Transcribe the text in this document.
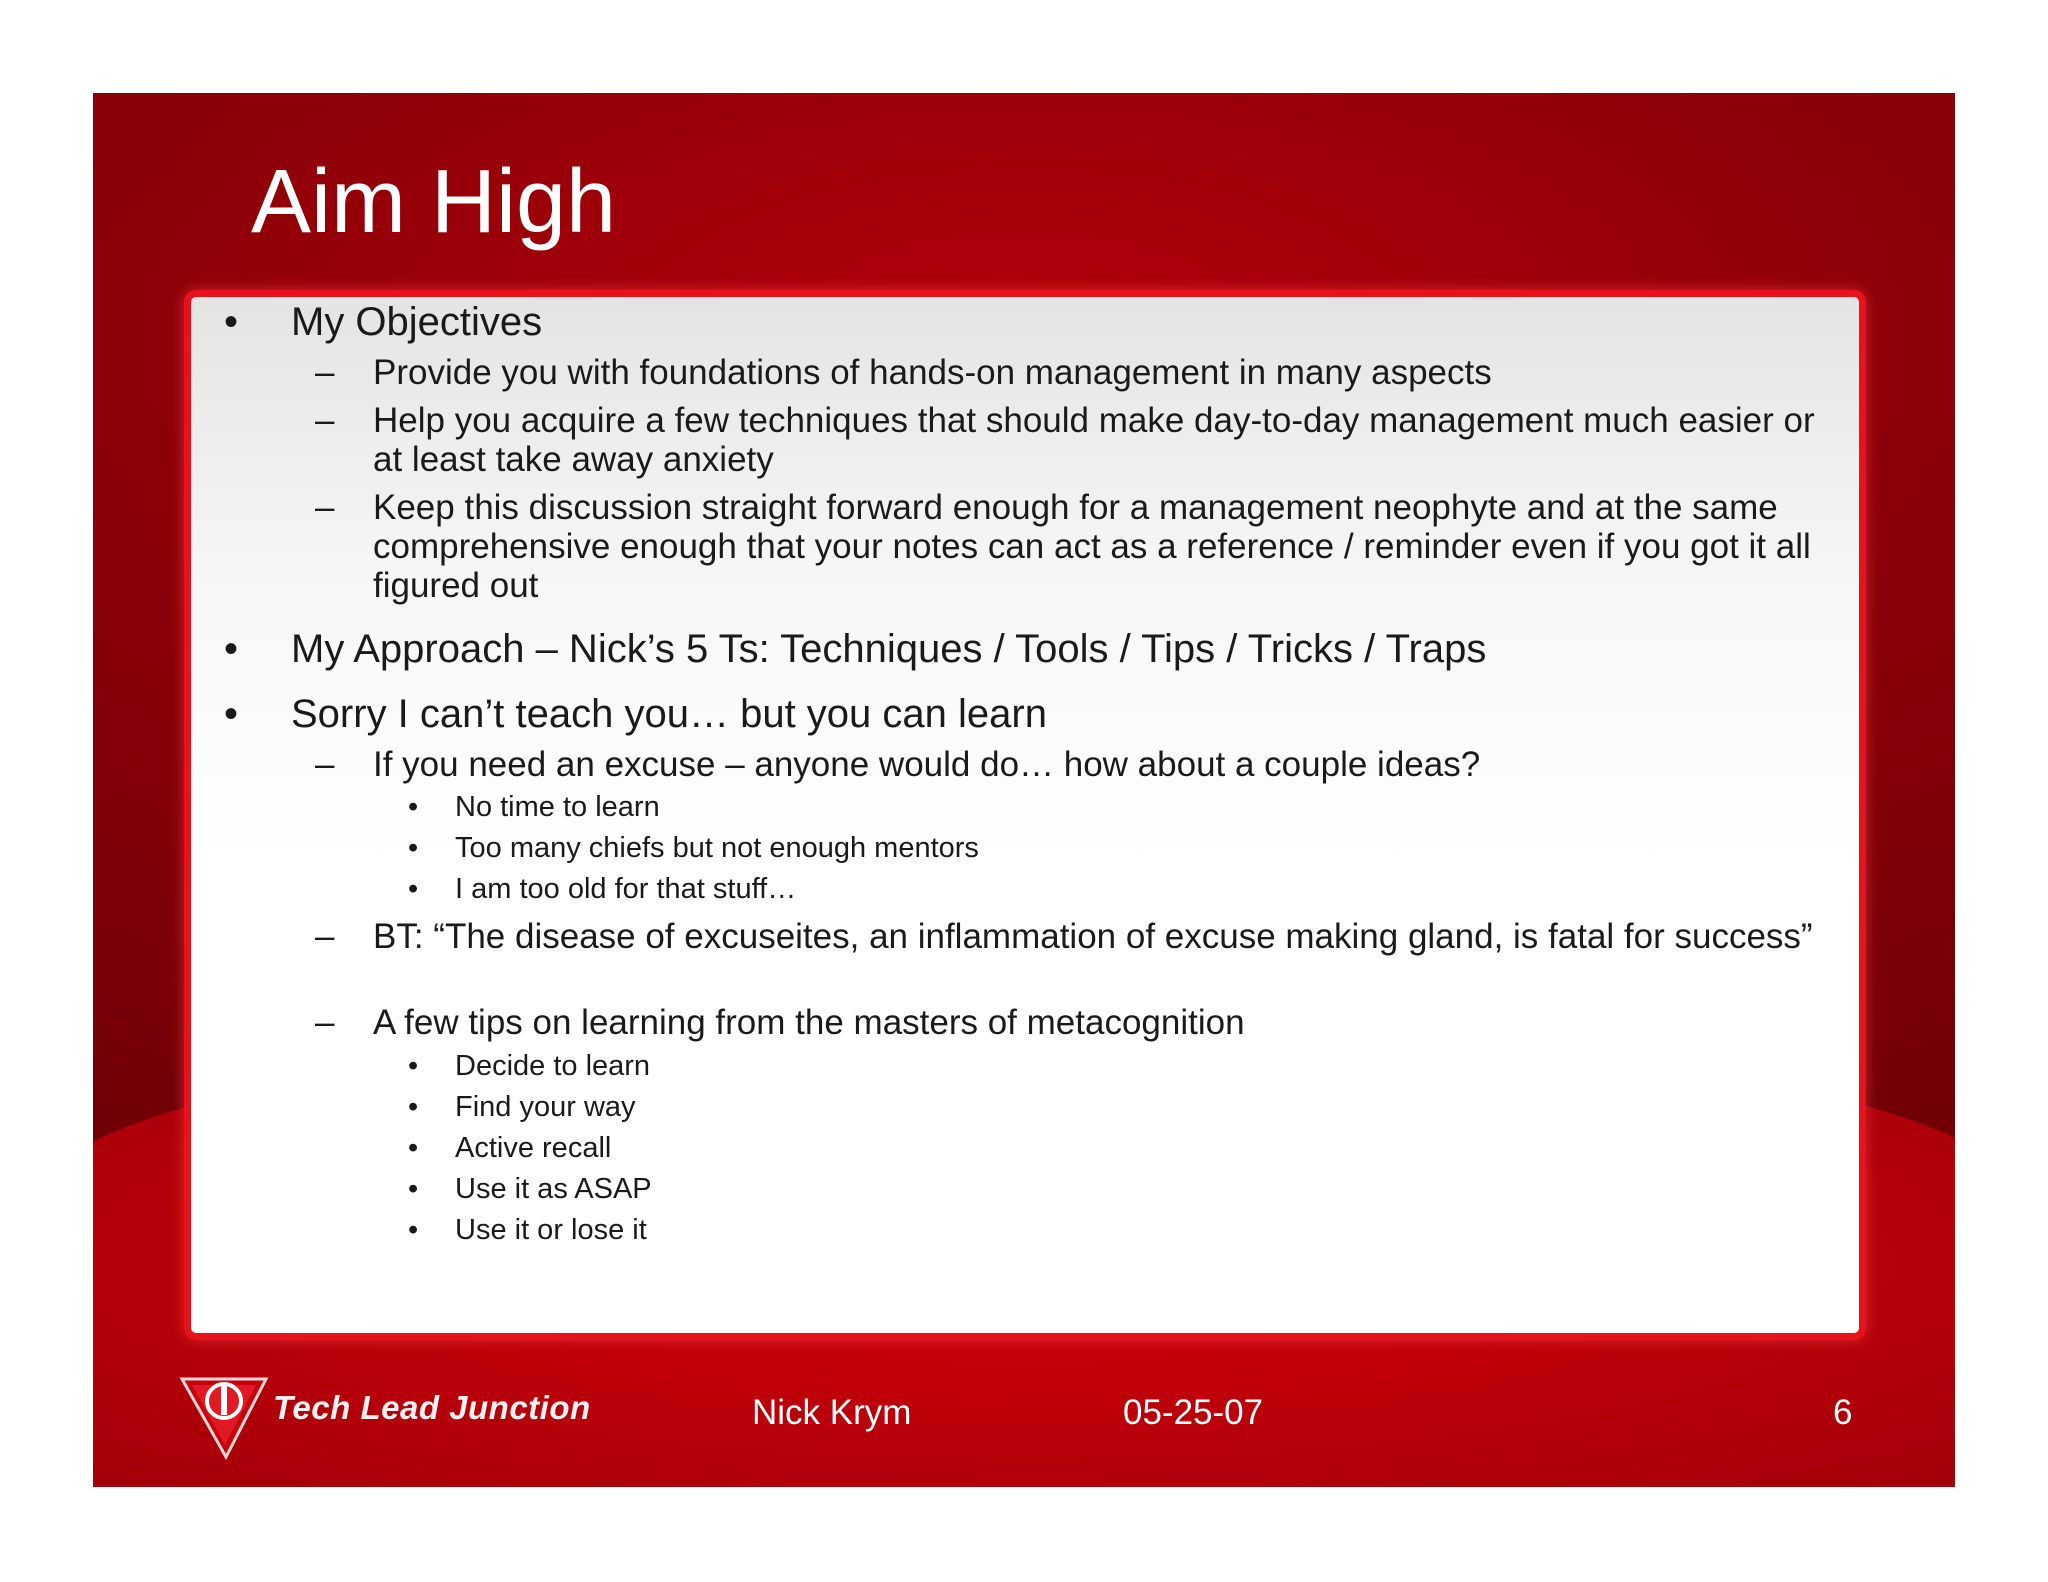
Aim High
• My Objectives
– Provide you with foundations of hands-on management in many aspects
– Help you acquire a few techniques that should make day-to-day management much easier or at least take away anxiety
– Keep this discussion straight forward enough for a management neophyte and at the same comprehensive enough that your notes can act as a reference / reminder even if you got it all figured out
• My Approach – Nick’s 5 Ts: Techniques / Tools / Tips / Tricks / Traps
• Sorry I can’t teach you… but you can learn
– If you need an excuse – anyone would do… how about a couple ideas?
• No time to learn
• Too many chiefs but not enough mentors
• I am too old for that stuff…
– BT: “The disease of excuseites, an inflammation of excuse making gland, is fatal for success”
– A few tips on learning from the masters of metacognition
• Decide to learn
• Find your way
• Active recall
• Use it as ASAP
• Use it or lose it
Tech Lead Junction	Nick Krym	05-25-07	6
